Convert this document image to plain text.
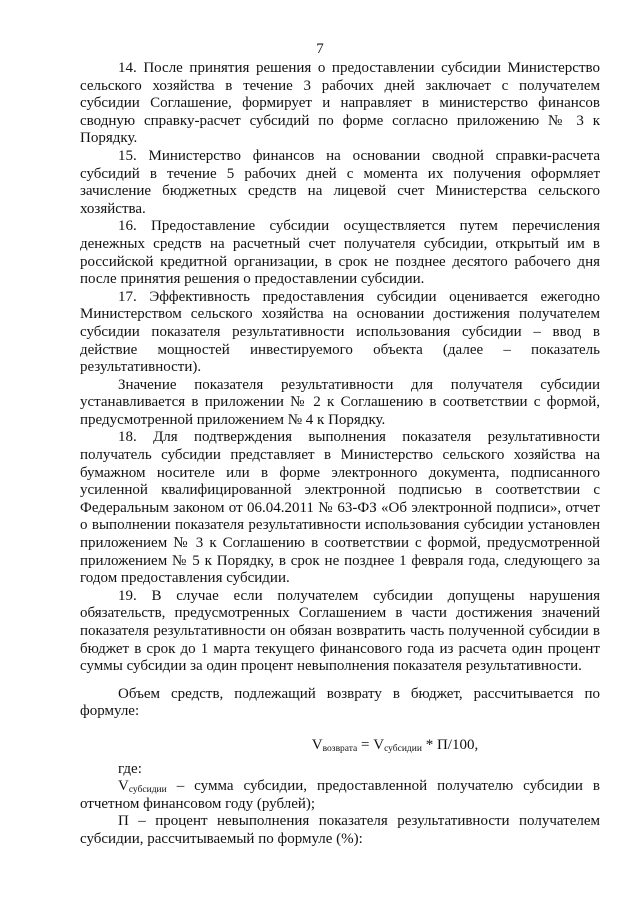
7

14. После принятия решения о предоставлении субсидии Министерство сельского хозяйства в течение 3 рабочих дней заключает с получателем субсидии Соглашение, формирует и направляет в министерство финансов сводную справку-расчет субсидий по форме согласно приложению № 3 к Порядку.

15. Министерство финансов на основании сводной справки-расчета субсидий в течение 5 рабочих дней с момента их получения оформляет зачисление бюджетных средств на лицевой счет Министерства сельского хозяйства.

16. Предоставление субсидии осуществляется путем перечисления денежных средств на расчетный счет получателя субсидии, открытый им в российской кредитной организации, в срок не позднее десятого рабочего дня после принятия решения о предоставлении субсидии.

17. Эффективность предоставления субсидии оценивается ежегодно Министерством сельского хозяйства на основании достижения получателем субсидии показателя результативности использования субсидии – ввод в действие мощностей инвестируемого объекта (далее – показатель результативности).

Значение показателя результативности для получателя субсидии устанавливается в приложении № 2 к Соглашению в соответствии с формой, предусмотренной приложением № 4 к Порядку.

18. Для подтверждения выполнения показателя результативности получатель субсидии представляет в Министерство сельского хозяйства на бумажном носителе или в форме электронного документа, подписанного усиленной квалифицированной электронной подписью в соответствии с Федеральным законом от 06.04.2011 № 63-ФЗ «Об электронной подписи», отчет о выполнении показателя результативности использования субсидии установлен приложением № 3 к Соглашению в соответствии с формой, предусмотренной приложением № 5 к Порядку, в срок не позднее 1 февраля года, следующего за годом предоставления субсидии.

19. В случае если получателем субсидии допущены нарушения обязательств, предусмотренных Соглашением в части достижения значений показателя результативности он обязан возвратить часть полученной субсидии в бюджет в срок до 1 марта текущего финансового года из расчета один процент суммы субсидии за один процент невыполнения показателя результативности.

Объем средств, подлежащий возврату в бюджет, рассчитывается по формуле:

$V_{возврата} = V_{субсидии} * П/100$,

где:

$V_{субсидии}$ – сумма субсидии, предоставленной получателю субсидии в отчетном финансовом году (рублей);

П – процент невыполнения показателя результативности получателем субсидии, рассчитываемый по формуле (%):
